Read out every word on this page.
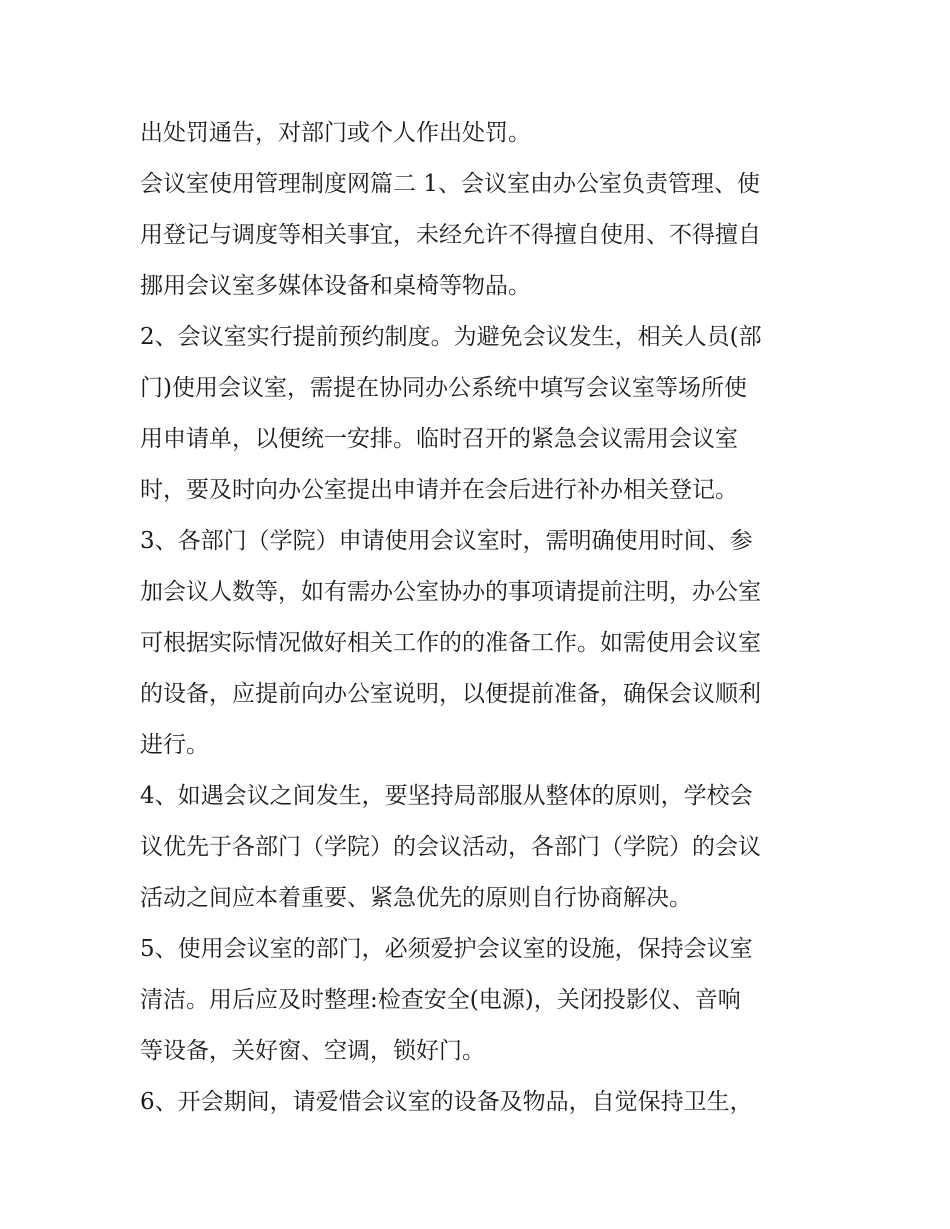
出处罚通告，对部门或个人作出处罚。
会议室使用管理制度网篇二 1、会议室由办公室负责管理、使
用登记与调度等相关事宜，未经允许不得擅自使用、不得擅自
挪用会议室多媒体设备和桌椅等物品。
2、会议室实行提前预约制度。为避免会议发生，相关人员(部
门)使用会议室，需提在协同办公系统中填写会议室等场所使
用申请单，以便统一安排。临时召开的紧急会议需用会议室
时，要及时向办公室提出申请并在会后进行补办相关登记。
3、各部门（学院）申请使用会议室时，需明确使用时间、参
加会议人数等，如有需办公室协办的事项请提前注明，办公室
可根据实际情况做好相关工作的的准备工作。如需使用会议室
的设备，应提前向办公室说明，以便提前准备，确保会议顺利
进行。
4、如遇会议之间发生，要坚持局部服从整体的原则，学校会
议优先于各部门（学院）的会议活动，各部门（学院）的会议
活动之间应本着重要、紧急优先的原则自行协商解决。
5、使用会议室的部门，必须爱护会议室的设施，保持会议室
清洁。用后应及时整理:检查安全(电源)，关闭投影仪、音响
等设备，关好窗、空调，锁好门。
6、开会期间，请爱惜会议室的设备及物品，自觉保持卫生，
